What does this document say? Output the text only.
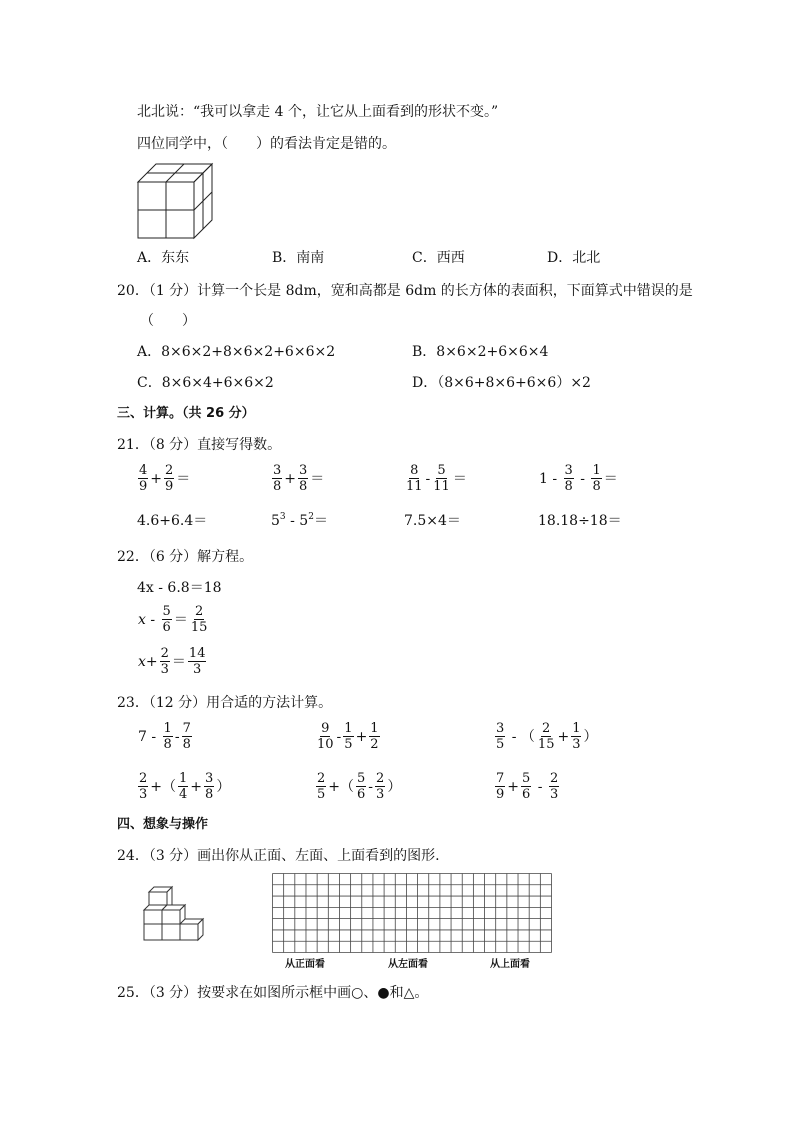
北北说：“我可以拿走 4 个，让它从上面看到的形状不变。”
四位同学中，（　　）的看法肯定是错的。
A．东东	B．南南	C．西西	D．北北
20．（1 分）计算一个长是 8dm，宽和高都是 6dm 的长方体的表面积，下面算式中错误的是
（　　）
A．8×6×2+8×6×2+6×6×2	B．8×6×2+6×6×4
C．8×6×4+6×6×2	D．（8×6+8×6+6×6）×2
三、计算。（共 26 分）
21．（8 分）直接写得数。
$\frac{4}{9} + \frac{2}{9}$ ＝	$\frac{3}{8} + \frac{3}{8}$ ＝	$\frac{8}{11} - \frac{5}{11}$ ＝	$1 - \frac{3}{8} - \frac{1}{8}$ ＝
4.6+6.4＝	$5^3 - 5^2=$	7.5×4＝	18.18÷18＝
22．（6 分）解方程。
4x - 6.8＝18
$x - \frac{5}{6} = \frac{2}{15}$
$x+ \frac{2}{3} = \frac{14}{3}$
23．（12 分）用合适的方法计算。
$7 - \frac{1}{8} - \frac{7}{8}$	$\frac{9}{10} - \frac{1}{5} + \frac{1}{2}$	$\frac{3}{5}$ - （ $\frac{2}{15} + \frac{1}{3}$ ）
$\frac{2}{3}$ +（ $\frac{1}{4} + \frac{3}{8}$ ）	$\frac{2}{5}$ +（ $\frac{5}{6} - \frac{2}{3}$ ）	$\frac{7}{9} + \frac{5}{6} - \frac{2}{3}$
四、想象与操作
24．（3 分）画出你从正面、左面、上面看到的图形.
从正面看	从左面看	从上面看
25．（3 分）按要求在如图所示框中画○、●和△。
